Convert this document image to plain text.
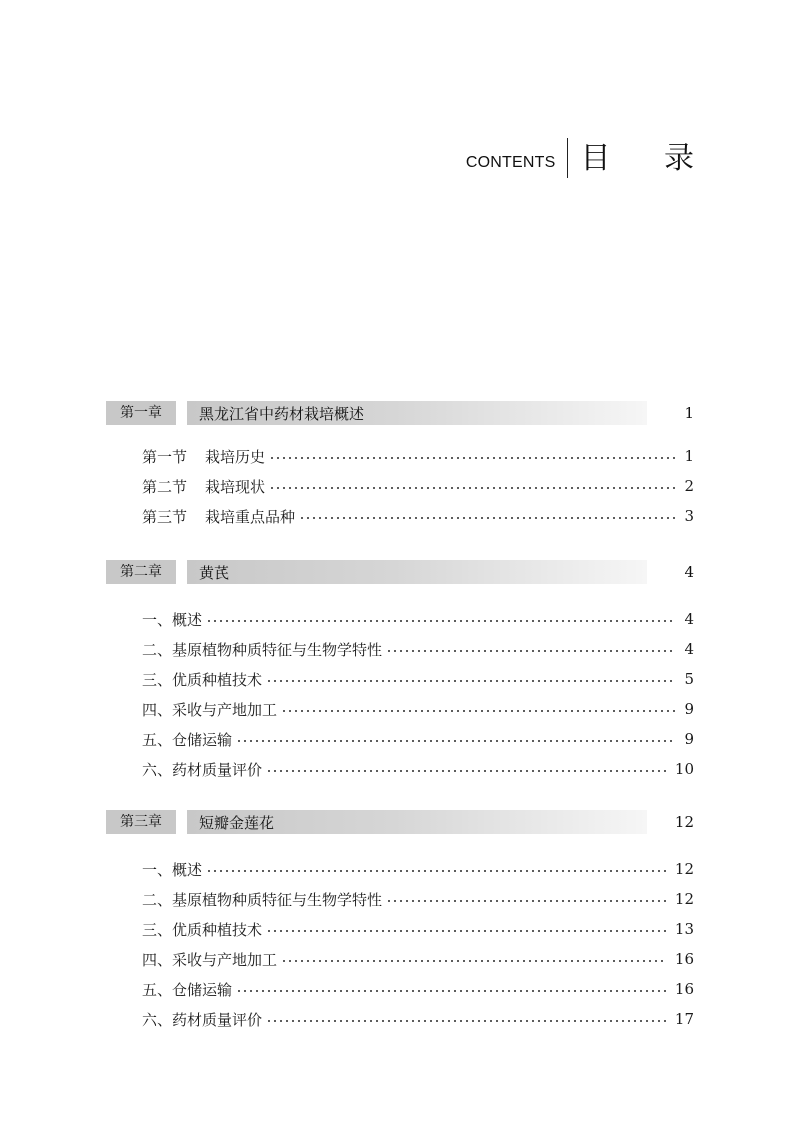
CONTENTS 目 录
第一章	黑龙江省中药材栽培概述	1
第一节 栽培历史	1
第二节 栽培现状	2
第三节 栽培重点品种	3
第二章	黄芪	4
一、概述	4
二、基原植物种质特征与生物学特性	4
三、优质种植技术	5
四、采收与产地加工	9
五、仓储运输	9
六、药材质量评价	10
第三章	短瓣金莲花	12
一、概述	12
二、基原植物种质特征与生物学特性	12
三、优质种植技术	13
四、采收与产地加工	16
五、仓储运输	16
六、药材质量评价	17
